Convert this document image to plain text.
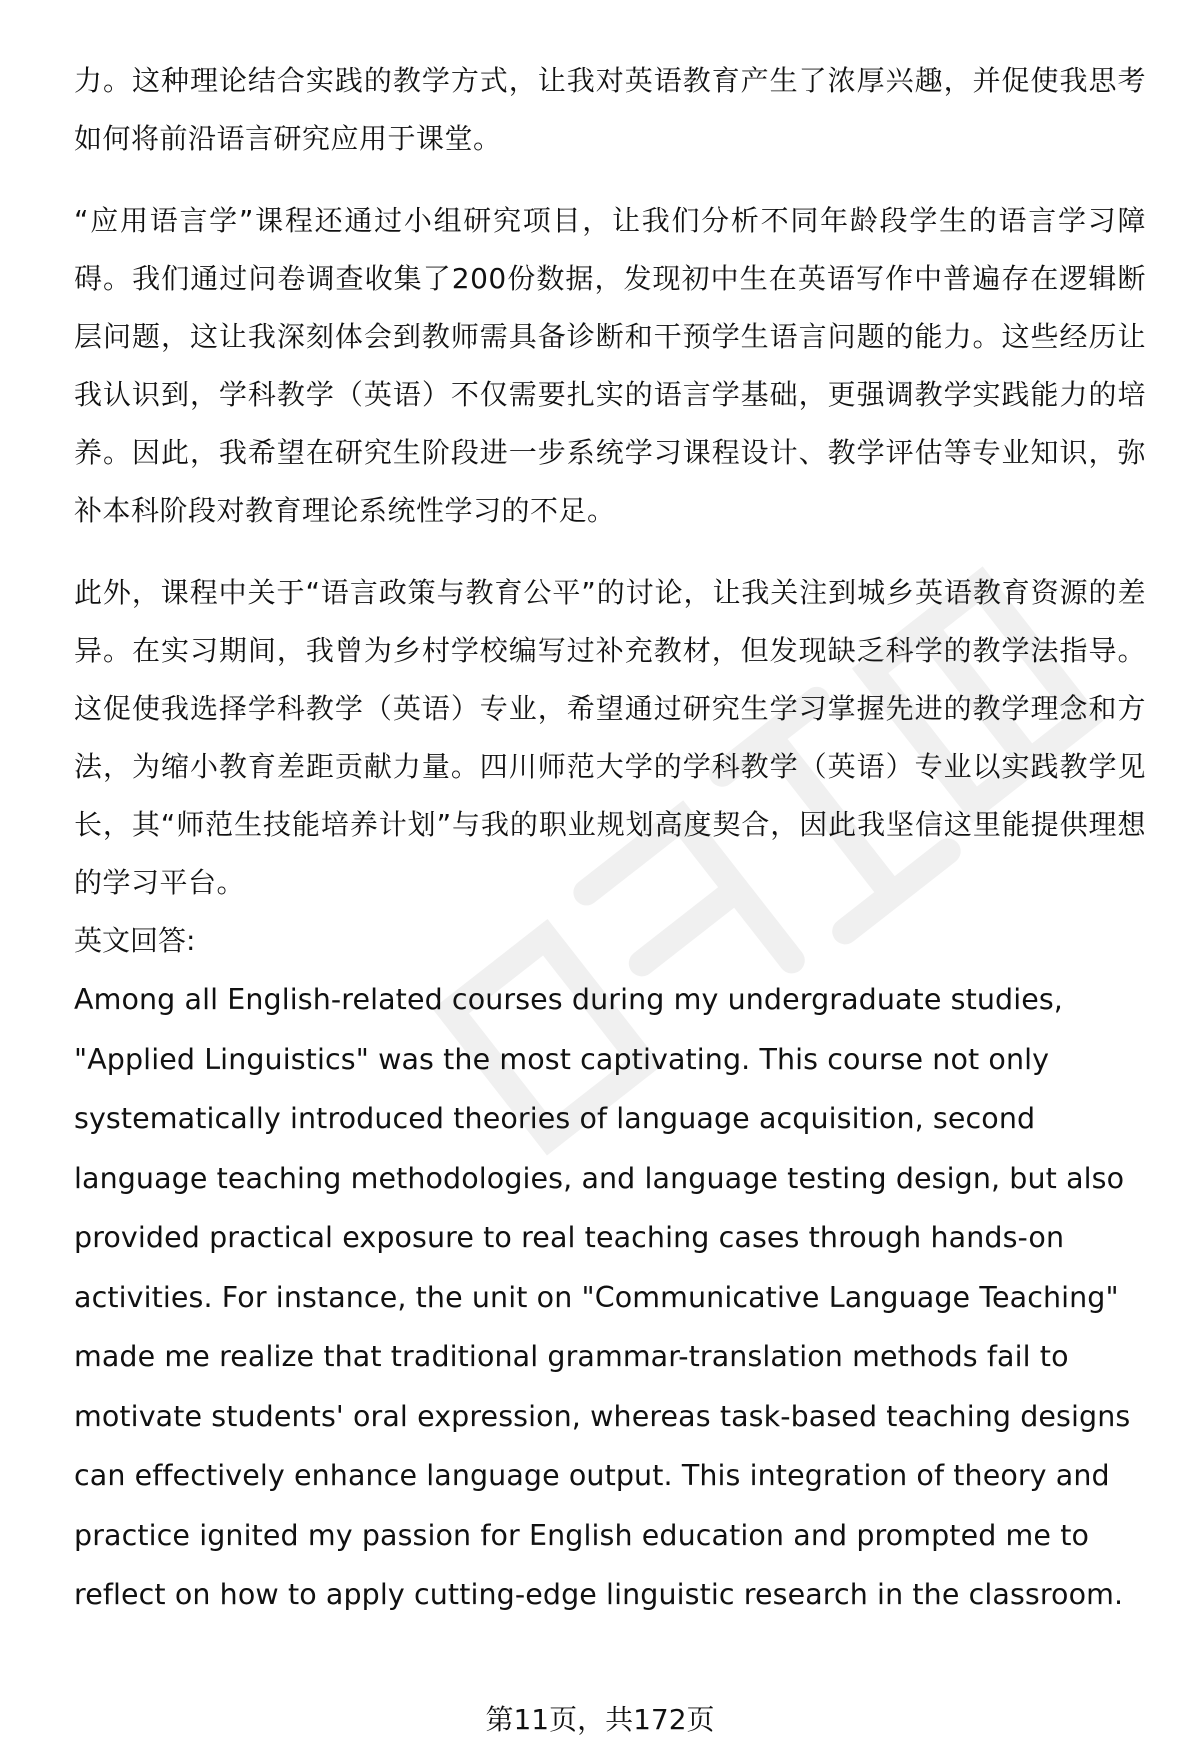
力。这种理论结合实践的教学方式，让我对英语教育产生了浓厚兴趣，并促使我思考如何将前沿语言研究应用于课堂。

“应用语言学”课程还通过小组研究项目，让我们分析不同年龄段学生的语言学习障碍。我们通过问卷调查收集了200份数据，发现初中生在英语写作中普遍存在逻辑断层问题，这让我深刻体会到教师需具备诊断和干预学生语言问题的能力。这些经历让我认识到，学科教学（英语）不仅需要扎实的语言学基础，更强调教学实践能力的培养。因此，我希望在研究生阶段进一步系统学习课程设计、教学评估等专业知识，弥补本科阶段对教育理论系统性学习的不足。

此外，课程中关于“语言政策与教育公平”的讨论，让我关注到城乡英语教育资源的差异。在实习期间，我曾为乡村学校编写过补充教材，但发现缺乏科学的教学法指导。这促使我选择学科教学（英语）专业，希望通过研究生学习掌握先进的教学理念和方法，为缩小教育差距贡献力量。四川师范大学的学科教学（英语）专业以实践教学见长，其“师范生技能培养计划”与我的职业规划高度契合，因此我坚信这里能提供理想的学习平台。

英文回答:

Among all English-related courses during my undergraduate studies, "Applied Linguistics" was the most captivating. This course not only systematically introduced theories of language acquisition, second language teaching methodologies, and language testing design, but also provided practical exposure to real teaching cases through hands-on activities. For instance, the unit on "Communicative Language Teaching" made me realize that traditional grammar-translation methods fail to motivate students' oral expression, whereas task-based teaching designs can effectively enhance language output. This integration of theory and practice ignited my passion for English education and prompted me to reflect on how to apply cutting-edge linguistic research in the classroom.

第11页，共172页
